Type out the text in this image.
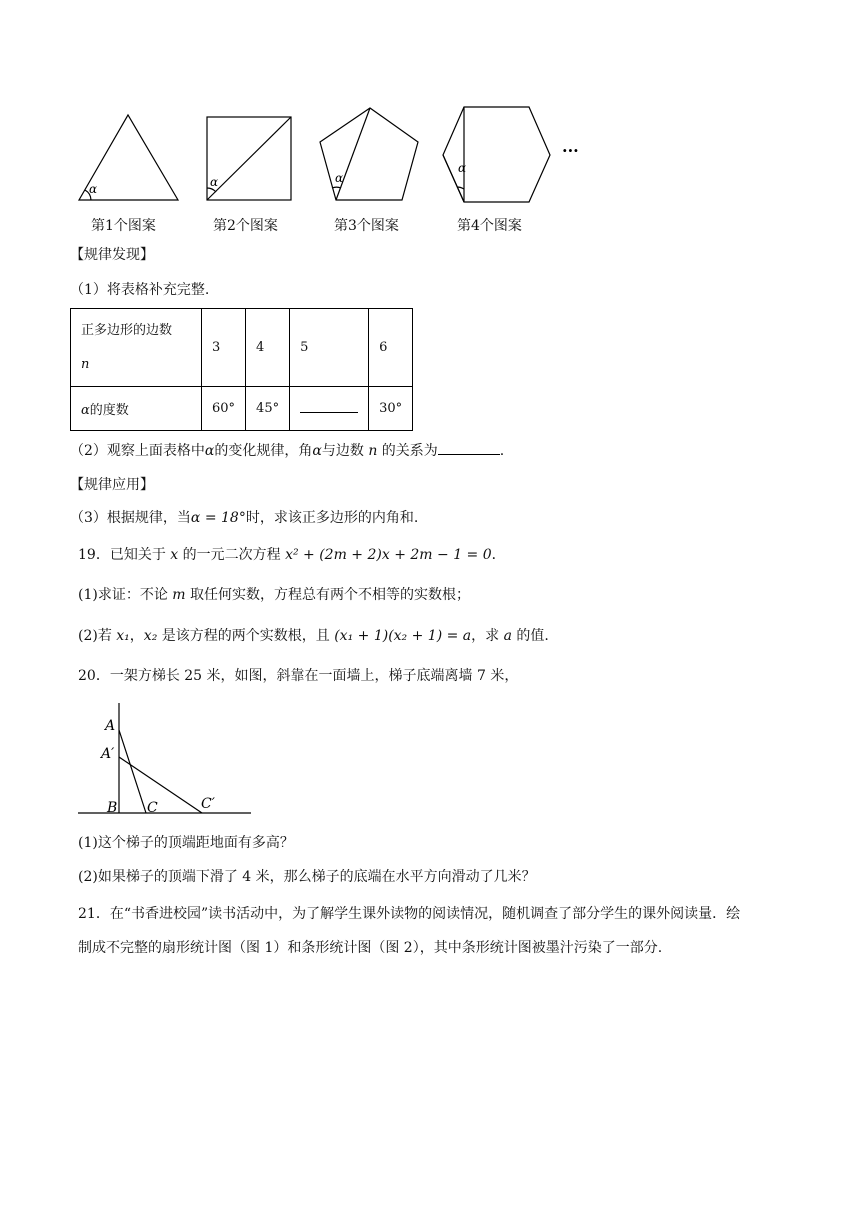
α	α	α
α
···
第1个图案	第2个图案	第3个图案	第4个图案
【规律发现】
（1）将表格补充完整.
正多边形的边数
n	3	4	5	6
α的度数	60°	45°		30°
（2）观察上面表格中α的变化规律，角α与边数 n 的关系为	.
【规律应用】
（3）根据规律，当α = 18°时，求该正多边形的内角和.
19．已知关于 x 的一元二次方程 x² + (2m + 2)x + 2m − 1 = 0．
(1)求证：不论 m 取任何实数，方程总有两个不相等的实数根；
(2)若 x₁，x₂ 是该方程的两个实数根，且 (x₁ + 1)(x₂ + 1) = a，求 a 的值.
20．一架方梯长 25 米，如图，斜靠在一面墙上，梯子底端离墙 7 米，
A
A′
B C	C′
(1)这个梯子的顶端距地面有多高？
(2)如果梯子的顶端下滑了 4 米，那么梯子的底端在水平方向滑动了几米？
21．在“书香进校园”读书活动中，为了解学生课外读物的阅读情况，随机调查了部分学生的课外阅读量．绘
制成不完整的扇形统计图（图 1）和条形统计图（图 2），其中条形统计图被墨汁污染了一部分.
